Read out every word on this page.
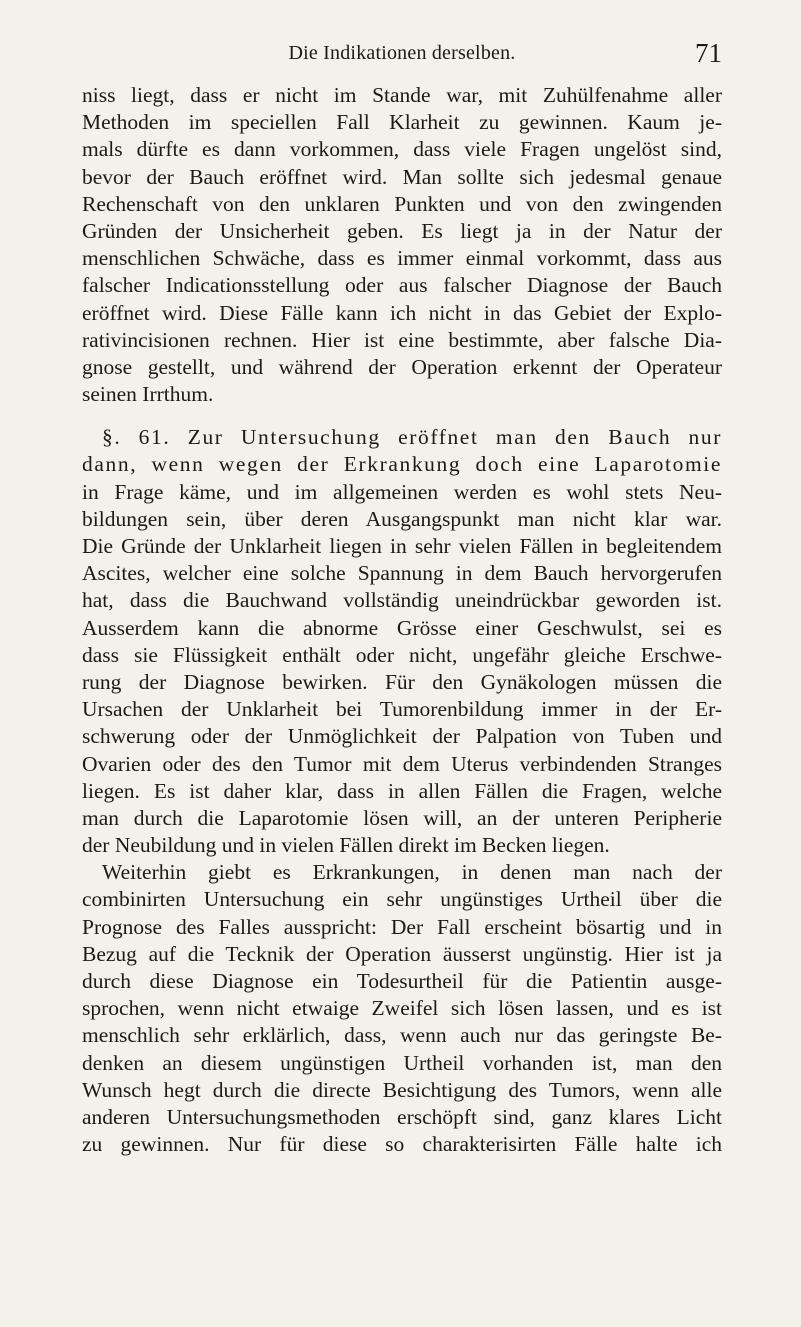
Die Indikationen derselben.	71
niss liegt, dass er nicht im Stande war, mit Zuhülfenahme aller
Methoden im speciellen Fall Klarheit zu gewinnen. Kaum je-
mals dürfte es dann vorkommen, dass viele Fragen ungelöst sind,
bevor der Bauch eröffnet wird. Man sollte sich jedesmal genaue
Rechenschaft von den unklaren Punkten und von den zwingenden
Gründen der Unsicherheit geben. Es liegt ja in der Natur der
menschlichen Schwäche, dass es immer einmal vorkommt, dass aus
falscher Indicationsstellung oder aus falscher Diagnose der Bauch
eröffnet wird. Diese Fälle kann ich nicht in das Gebiet der Explo-
rativincisionen rechnen. Hier ist eine bestimmte, aber falsche Dia-
gnose gestellt, und während der Operation erkennt der Operateur
seinen Irrthum.
§. 61. Zur Untersuchung eröffnet man den Bauch nur
dann, wenn wegen der Erkrankung doch eine Laparotomie
in Frage käme, und im allgemeinen werden es wohl stets Neu-
bildungen sein, über deren Ausgangspunkt man nicht klar war.
Die Gründe der Unklarheit liegen in sehr vielen Fällen in begleitendem
Ascites, welcher eine solche Spannung in dem Bauch hervorgerufen
hat, dass die Bauchwand vollständig uneindrückbar geworden ist.
Ausserdem kann die abnorme Grösse einer Geschwulst, sei es
dass sie Flüssigkeit enthält oder nicht, ungefähr gleiche Erschwe-
rung der Diagnose bewirken. Für den Gynäkologen müssen die
Ursachen der Unklarheit bei Tumorenbildung immer in der Er-
schwerung oder der Unmöglichkeit der Palpation von Tuben und
Ovarien oder des den Tumor mit dem Uterus verbindenden Stranges
liegen. Es ist daher klar, dass in allen Fällen die Fragen, welche
man durch die Laparotomie lösen will, an der unteren Peripherie
der Neubildung und in vielen Fällen direkt im Becken liegen.
Weiterhin giebt es Erkrankungen, in denen man nach der
combinirten Untersuchung ein sehr ungünstiges Urtheil über die
Prognose des Falles ausspricht: Der Fall erscheint bösartig und in
Bezug auf die Tecknik der Operation äusserst ungünstig. Hier ist ja
durch diese Diagnose ein Todesurtheil für die Patientin ausge-
sprochen, wenn nicht etwaige Zweifel sich lösen lassen, und es ist
menschlich sehr erklärlich, dass, wenn auch nur das geringste Be-
denken an diesem ungünstigen Urtheil vorhanden ist, man den
Wunsch hegt durch die directe Besichtigung des Tumors, wenn alle
anderen Untersuchungsmethoden erschöpft sind, ganz klares Licht
zu gewinnen. Nur für diese so charakterisirten Fälle halte ich
